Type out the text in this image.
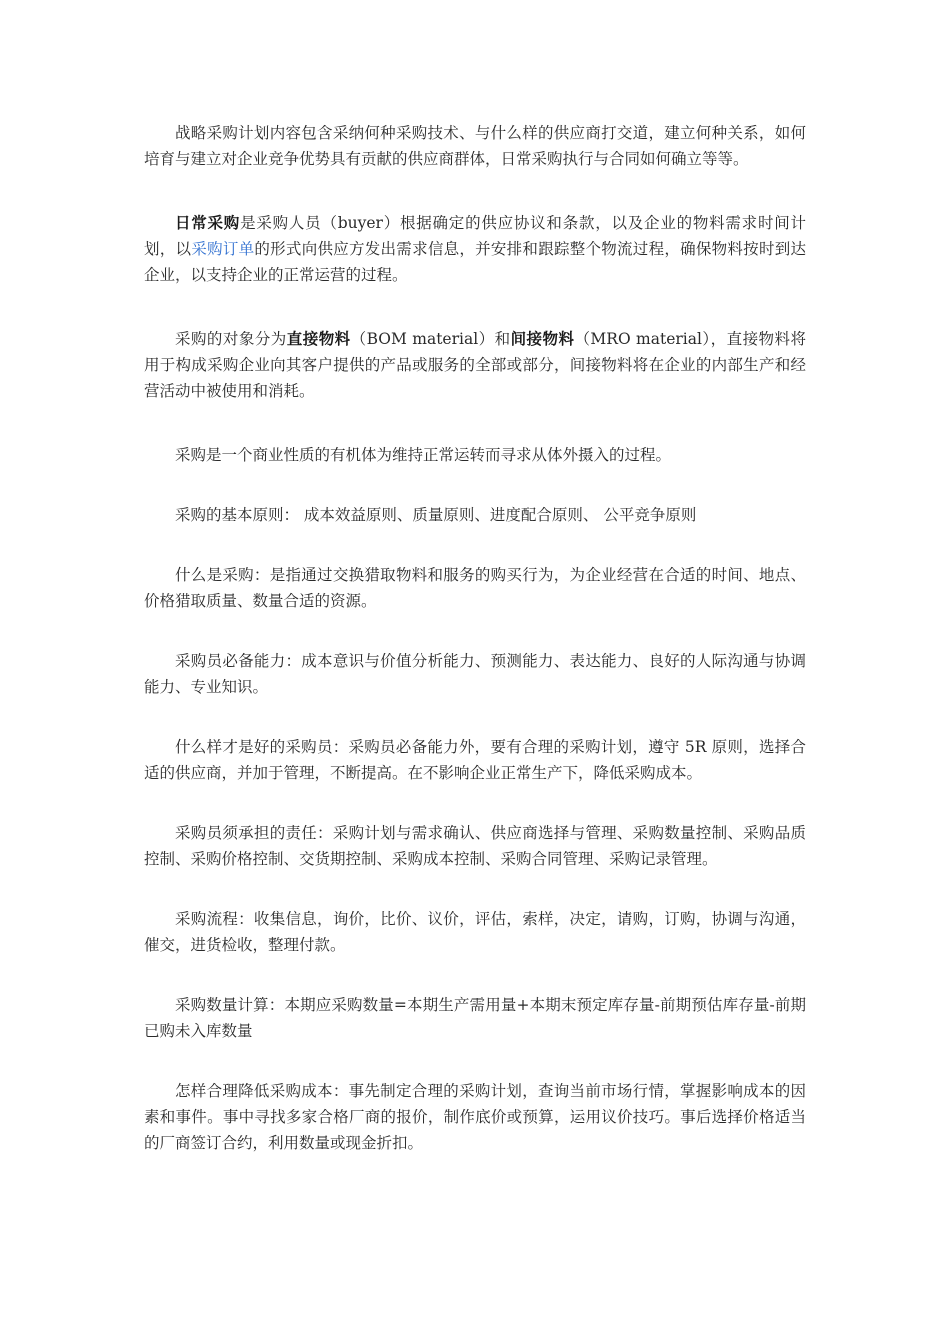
战略采购计划内容包含采纳何种采购技术、与什么样的供应商打交道，建立何种关系，如何培育与建立对企业竞争优势具有贡献的供应商群体，日常采购执行与合同如何确立等等。

日常采购是采购人员（buyer）根据确定的供应协议和条款，以及企业的物料需求时间计划，以采购订单的形式向供应方发出需求信息，并安排和跟踪整个物流过程，确保物料按时到达企业，以支持企业的正常运营的过程。

采购的对象分为直接物料（BOM material）和间接物料（MRO material），直接物料将用于构成采购企业向其客户提供的产品或服务的全部或部分，间接物料将在企业的内部生产和经营活动中被使用和消耗。

采购是一个商业性质的有机体为维持正常运转而寻求从体外摄入的过程。

采购的基本原则： 成本效益原则、质量原则、进度配合原则、 公平竞争原则

什么是采购：是指通过交换猎取物料和服务的购买行为，为企业经营在合适的时间、地点、价格猎取质量、数量合适的资源。

采购员必备能力：成本意识与价值分析能力、预测能力、表达能力、良好的人际沟通与协调能力、专业知识。

什么样才是好的采购员：采购员必备能力外，要有合理的采购计划，遵守 5R 原则，选择合适的供应商，并加于管理，不断提高。在不影响企业正常生产下，降低采购成本。

采购员须承担的责任：采购计划与需求确认、供应商选择与管理、采购数量控制、采购品质控制、采购价格控制、交货期控制、采购成本控制、采购合同管理、采购记录管理。

采购流程：收集信息，询价，比价、议价，评估，索样，决定，请购，订购，协调与沟通，催交，进货检收，整理付款。

采购数量计算：本期应采购数量=本期生产需用量+本期末预定库存量-前期预估库存量-前期已购未入库数量

怎样合理降低采购成本：事先制定合理的采购计划，查询当前市场行情，掌握影响成本的因素和事件。事中寻找多家合格厂商的报价，制作底价或预算，运用议价技巧。事后选择价格适当的厂商签订合约，利用数量或现金折扣。
